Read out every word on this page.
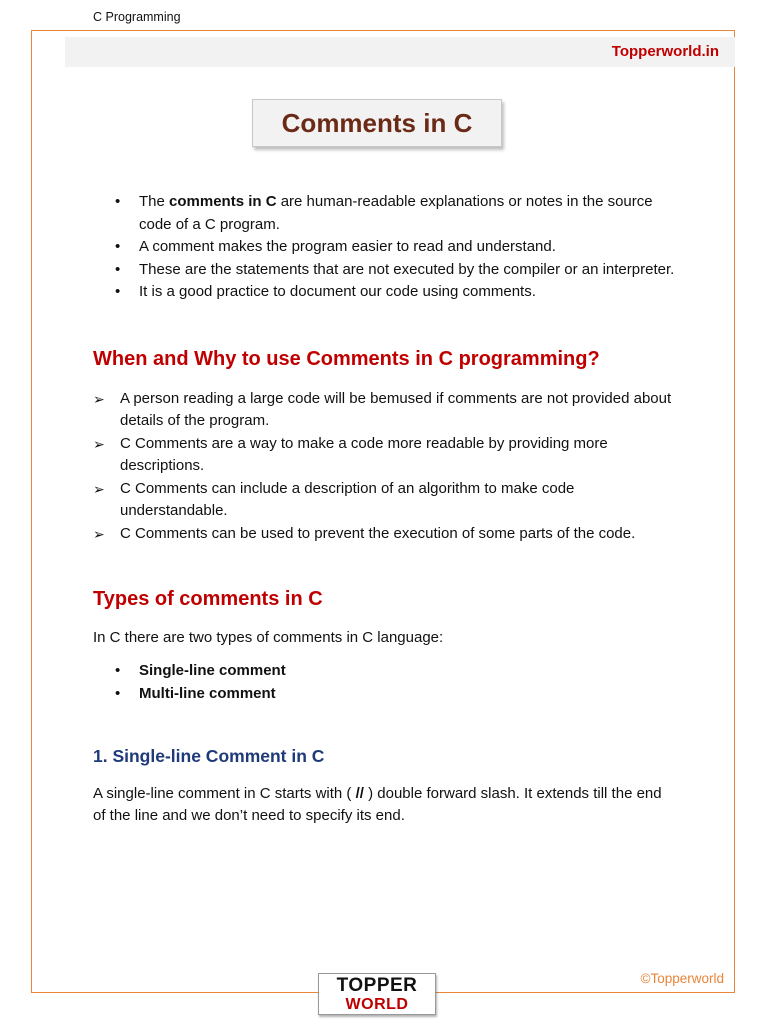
C Programming
Topperworld.in
Comments in C
• The comments in C are human-readable explanations or notes in the source code of a C program.
• A comment makes the program easier to read and understand.
• These are the statements that are not executed by the compiler or an interpreter.
• It is a good practice to document our code using comments.
When and Why to use Comments in C programming?
➢ A person reading a large code will be bemused if comments are not provided about details of the program.
➢ C Comments are a way to make a code more readable by providing more descriptions.
➢ C Comments can include a description of an algorithm to make code understandable.
➢ C Comments can be used to prevent the execution of some parts of the code.
Types of comments in C

In C there are two types of comments in C language:

• Single-line comment
• Multi-line comment
1. Single-line Comment in C

A single-line comment in C starts with ( // ) double forward slash. It extends till the end of the line and we don’t need to specify its end.

©Topperworld
TOPPER
WORLD
